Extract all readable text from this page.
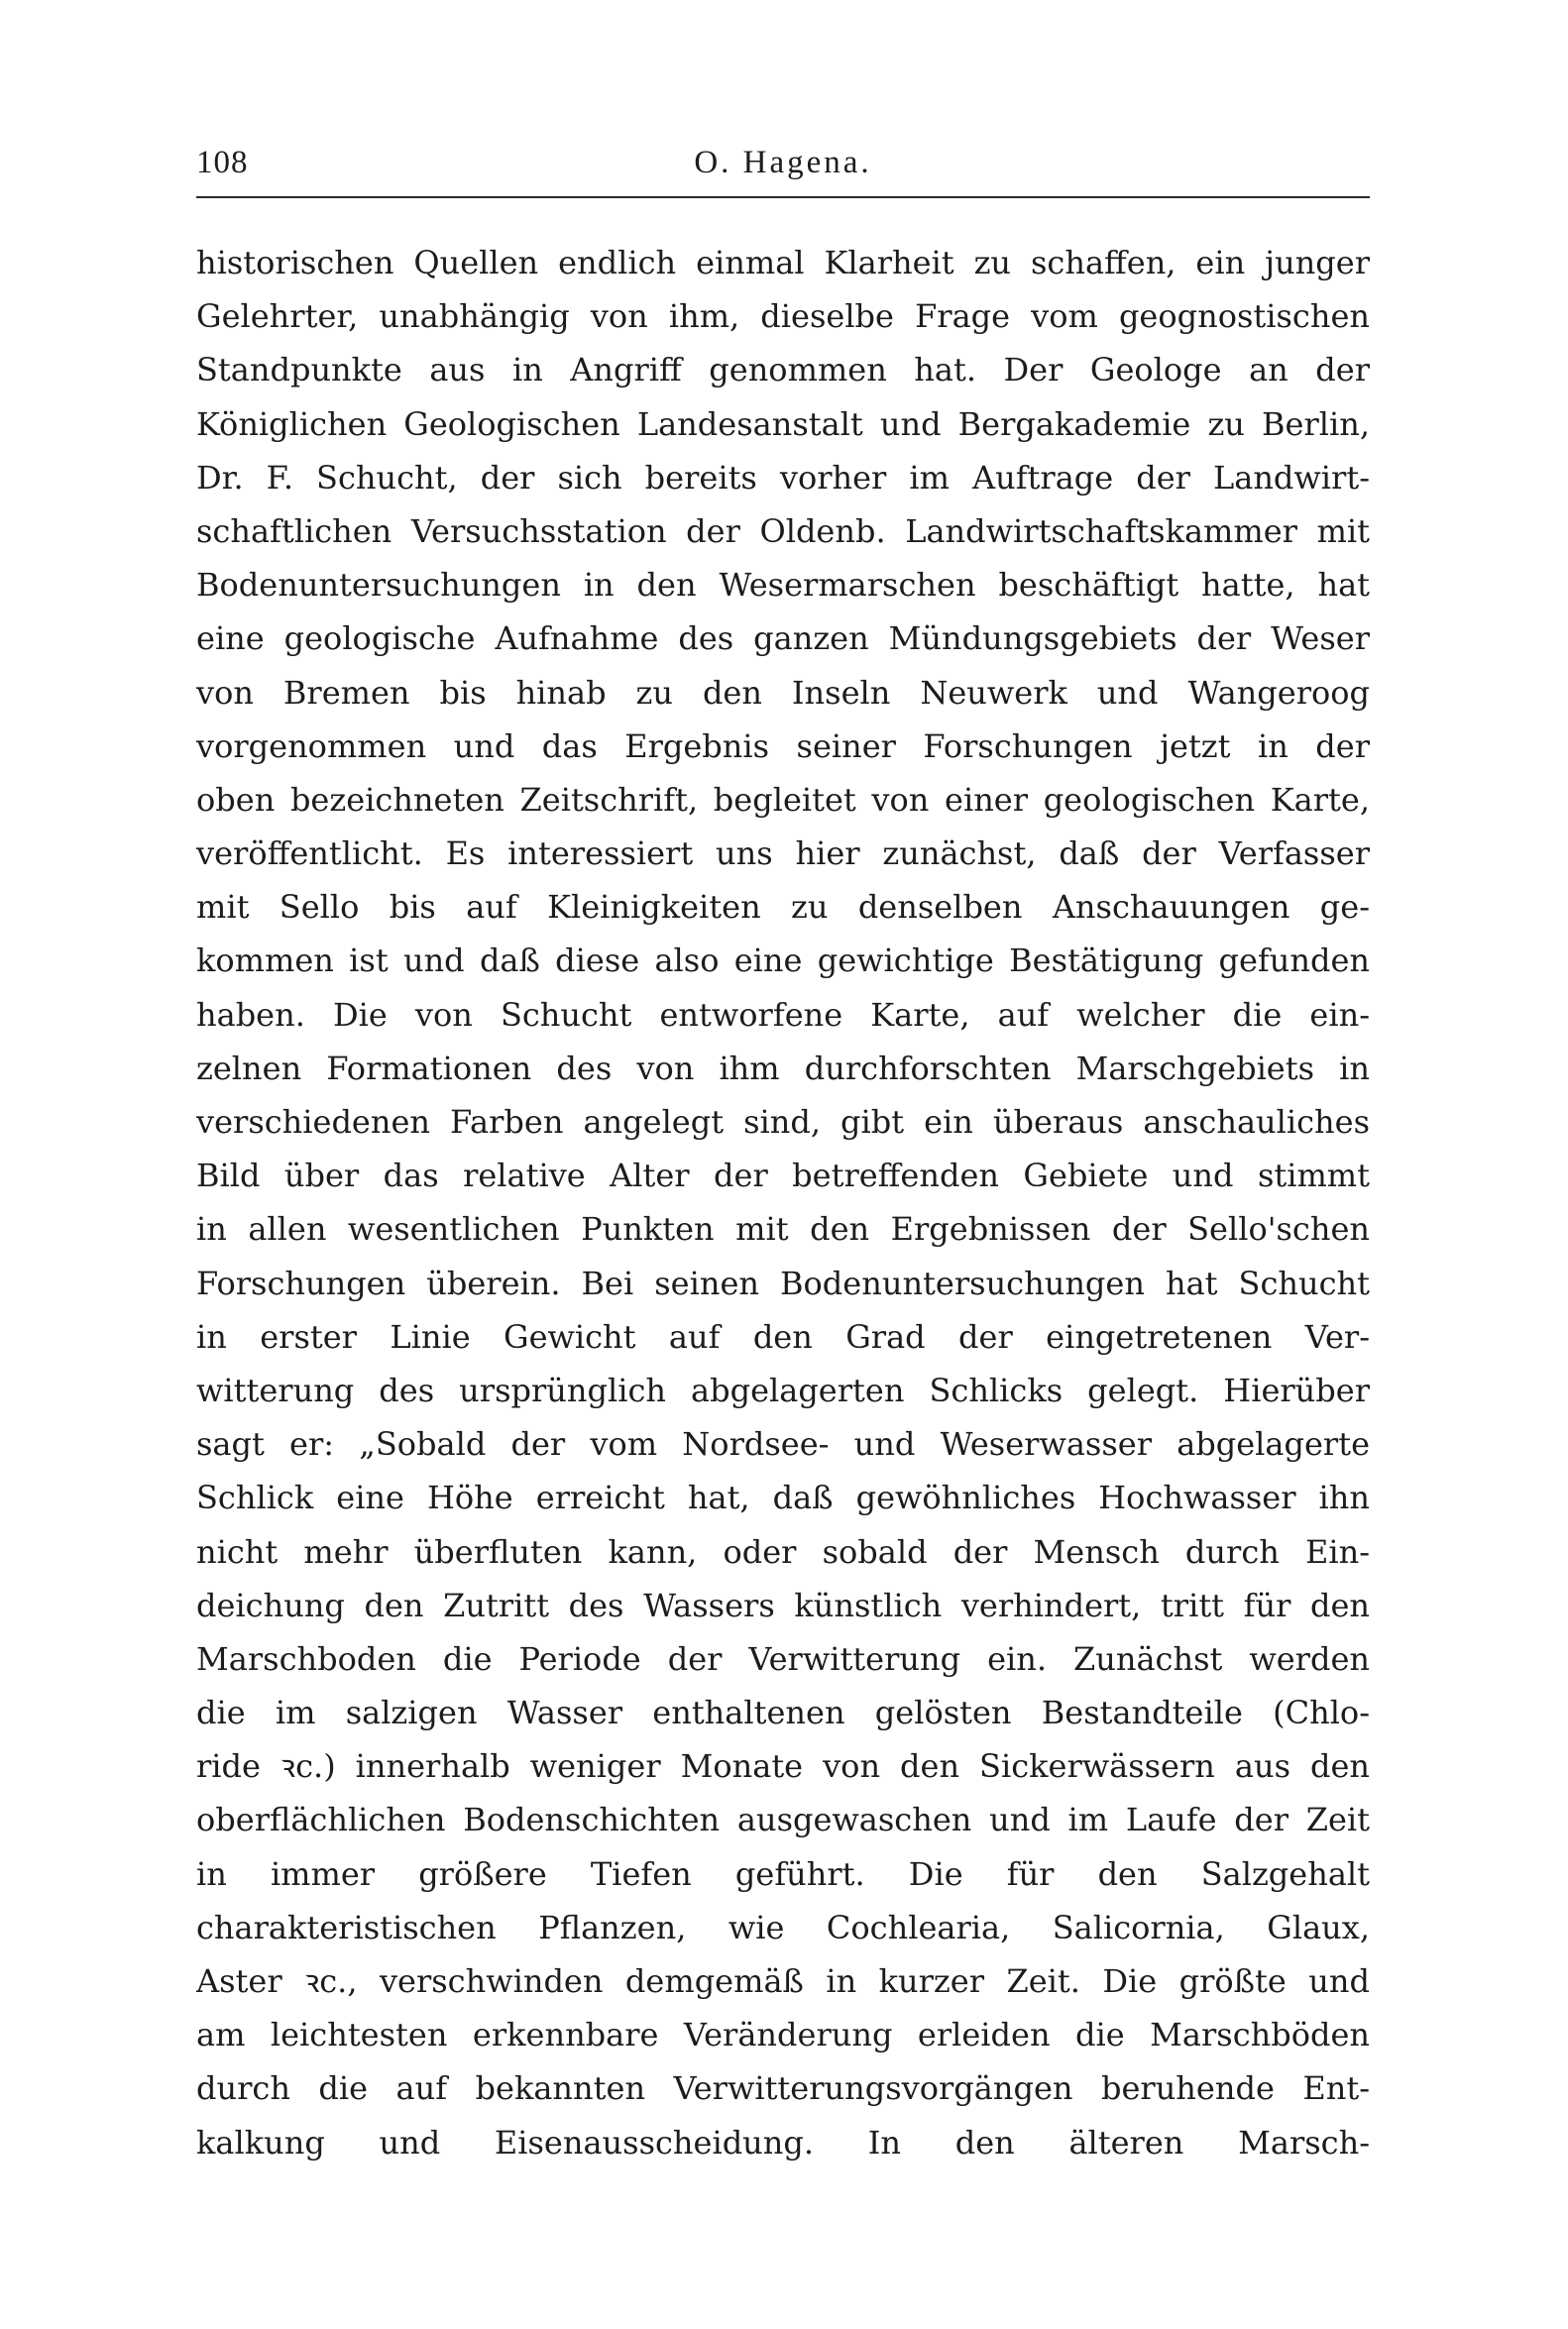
108	O. Hagena.
historischen Quellen endlich einmal Klarheit zu schaffen, ein junger
Gelehrter, unabhängig von ihm, dieselbe Frage vom geognostischen
Standpunkte aus in Angriff genommen hat. Der Geologe an der
Königlichen Geologischen Landesanstalt und Bergakademie zu Berlin,
Dr. F. Schucht, der sich bereits vorher im Auftrage der Landwirt-
schaftlichen Versuchsstation der Oldenb. Landwirtschaftskammer mit
Bodenuntersuchungen in den Wesermarschen beschäftigt hatte, hat
eine geologische Aufnahme des ganzen Mündungsgebiets der Weser
von Bremen bis hinab zu den Inseln Neuwerk und Wangeroog
vorgenommen und das Ergebnis seiner Forschungen jetzt in der
oben bezeichneten Zeitschrift, begleitet von einer geologischen Karte,
veröffentlicht. Es interessiert uns hier zunächst, daß der Verfasser
mit Sello bis auf Kleinigkeiten zu denselben Anschauungen ge-
kommen ist und daß diese also eine gewichtige Bestätigung gefunden
haben. Die von Schucht entworfene Karte, auf welcher die ein-
zelnen Formationen des von ihm durchforschten Marschgebiets in
verschiedenen Farben angelegt sind, gibt ein überaus anschauliches
Bild über das relative Alter der betreffenden Gebiete und stimmt
in allen wesentlichen Punkten mit den Ergebnissen der Sello'schen
Forschungen überein. Bei seinen Bodenuntersuchungen hat Schucht
in erster Linie Gewicht auf den Grad der eingetretenen Ver-
witterung des ursprünglich abgelagerten Schlicks gelegt. Hierüber
sagt er: „Sobald der vom Nordsee- und Weserwasser abgelagerte
Schlick eine Höhe erreicht hat, daß gewöhnliches Hochwasser ihn
nicht mehr überfluten kann, oder sobald der Mensch durch Ein-
deichung den Zutritt des Wassers künstlich verhindert, tritt für den
Marschboden die Periode der Verwitterung ein. Zunächst werden
die im salzigen Wasser enthaltenen gelösten Bestandteile (Chlo-
ride ꝛc.) innerhalb weniger Monate von den Sickerwässern aus den
oberflächlichen Bodenschichten ausgewaschen und im Laufe der Zeit
in immer größere Tiefen geführt. Die für den Salzgehalt
charakteristischen Pflanzen, wie Cochlearia, Salicornia, Glaux,
Aster ꝛc., verschwinden demgemäß in kurzer Zeit. Die größte und
am leichtesten erkennbare Veränderung erleiden die Marschböden
durch die auf bekannten Verwitterungsvorgängen beruhende Ent-
kalkung und Eisenausscheidung. In den älteren Marsch-
